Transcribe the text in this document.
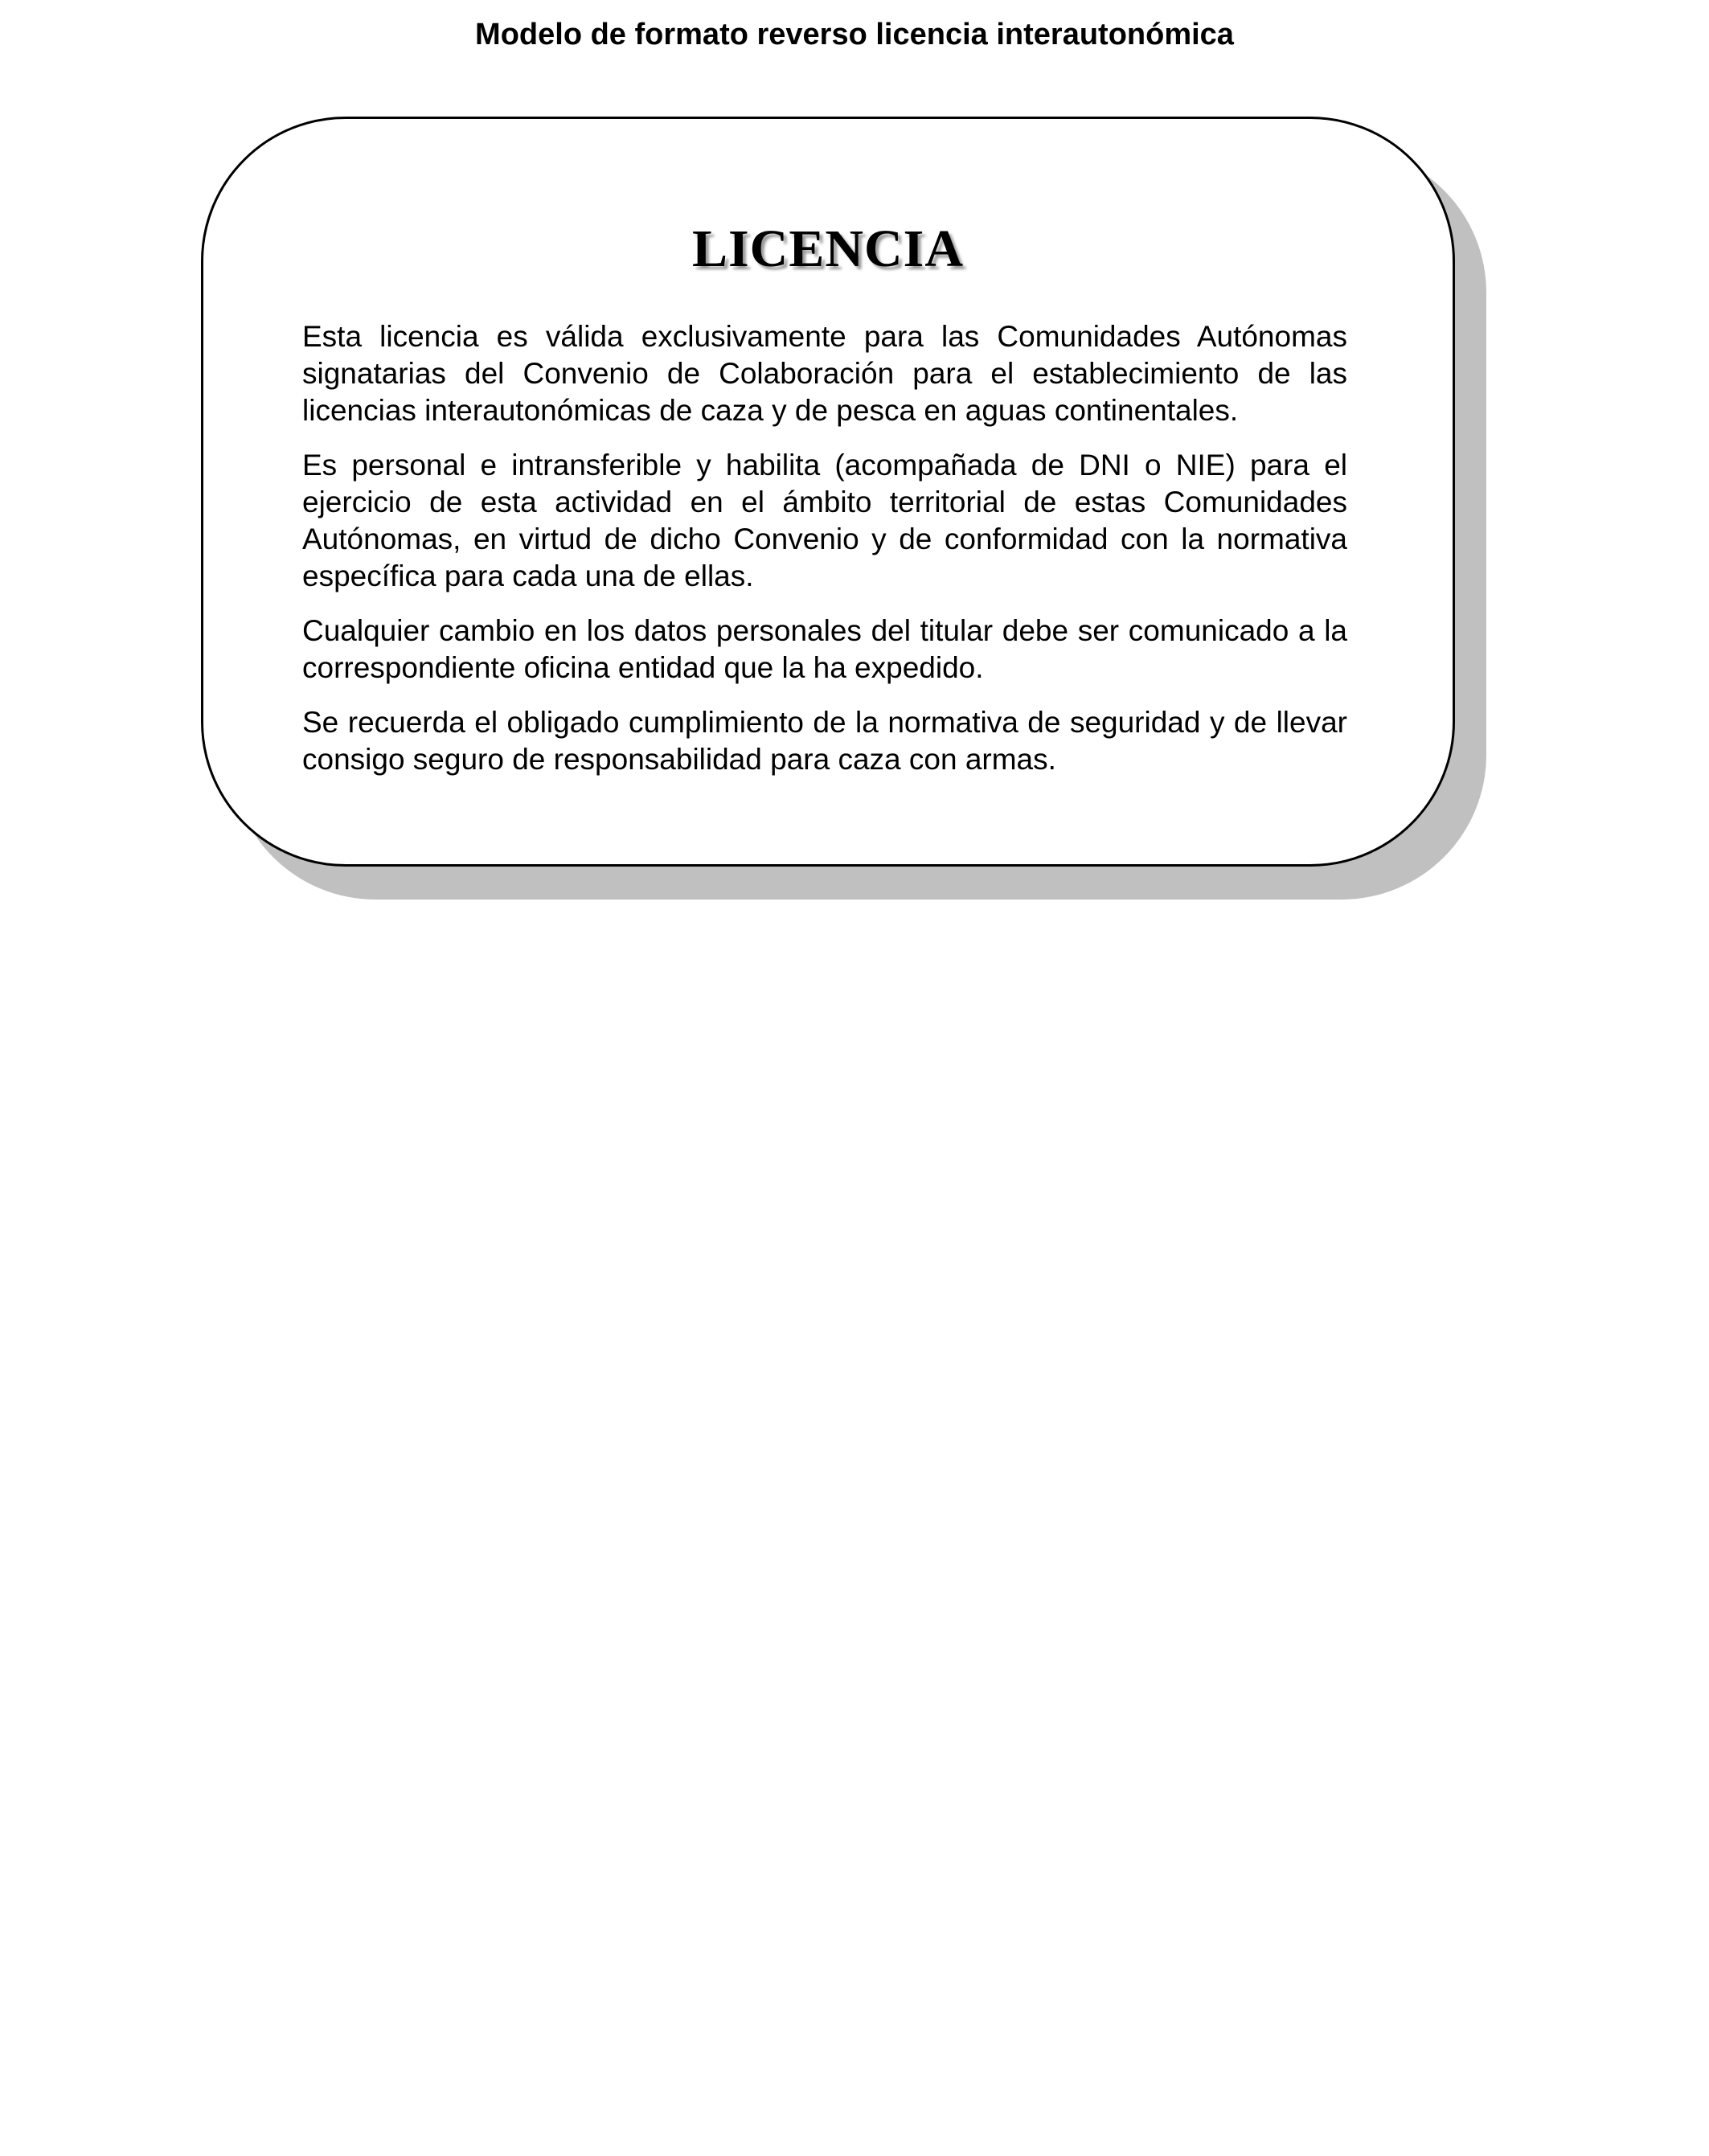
Modelo de formato reverso licencia interautonómica
LICENCIA

Esta licencia es válida exclusivamente para las Comunidades Autónomas signatarias del Convenio de Colaboración para el establecimiento de las licencias interautonómicas de caza y de pesca en aguas continentales.

Es personal e intransferible y habilita (acompañada de DNI o NIE) para el ejercicio de esta actividad en el ámbito territorial de estas Comunidades Autónomas, en virtud de dicho Convenio y de conformidad con la normativa específica para cada una de ellas.

Cualquier cambio en los datos personales del titular debe ser comunicado a la correspondiente oficina entidad que la ha expedido.

Se recuerda el obligado cumplimiento de la normativa de seguridad y de llevar consigo seguro de responsabilidad para caza con armas.
